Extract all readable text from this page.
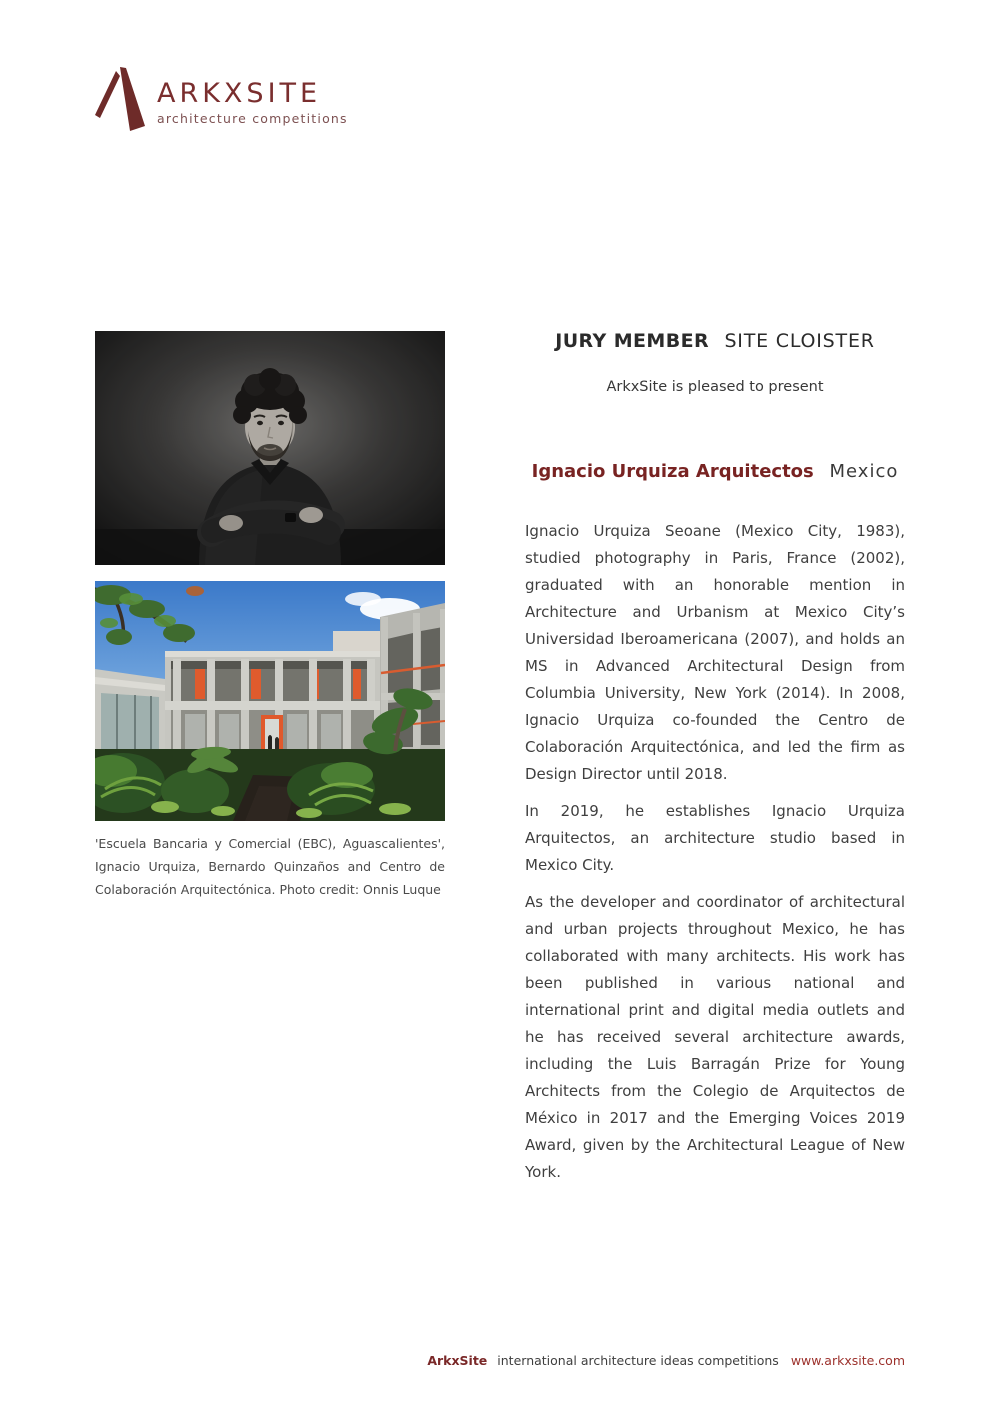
ARKXSITE
architecture competitions

'Escuela Bancaria y Comercial (EBC), Aguascalientes', Ignacio Urquiza, Bernardo Quinzaños and Centro de Colaboración Arquitectónica. Photo credit: Onnis Luque

JURY MEMBER SITE CLOISTER
ArkxSite is pleased to present
Ignacio Urquiza Arquitectos Mexico

Ignacio Urquiza Seoane (Mexico City, 1983), studied photography in Paris, France (2002), graduated with an honorable mention in Architecture and Urbanism at Mexico City’s Universidad Iberoamericana (2007), and holds an MS in Advanced Architectural Design from Columbia University, New York (2014). In 2008, Ignacio Urquiza co-founded the Centro de Colaboración Arquitectónica, and led the firm as Design Director until 2018.

In 2019, he establishes Ignacio Urquiza Arquitectos, an architecture studio based in Mexico City.

As the developer and coordinator of architectural and urban projects throughout Mexico, he has collaborated with many architects. His work has been published in various national and international print and digital media outlets and he has received several architecture awards, including the Luis Barragán Prize for Young Architects from the Colegio de Arquitectos de México in 2017 and the Emerging Voices 2019 Award, given by the Architectural League of New York.

ArkxSite international architecture ideas competitions www.arkxsite.com
